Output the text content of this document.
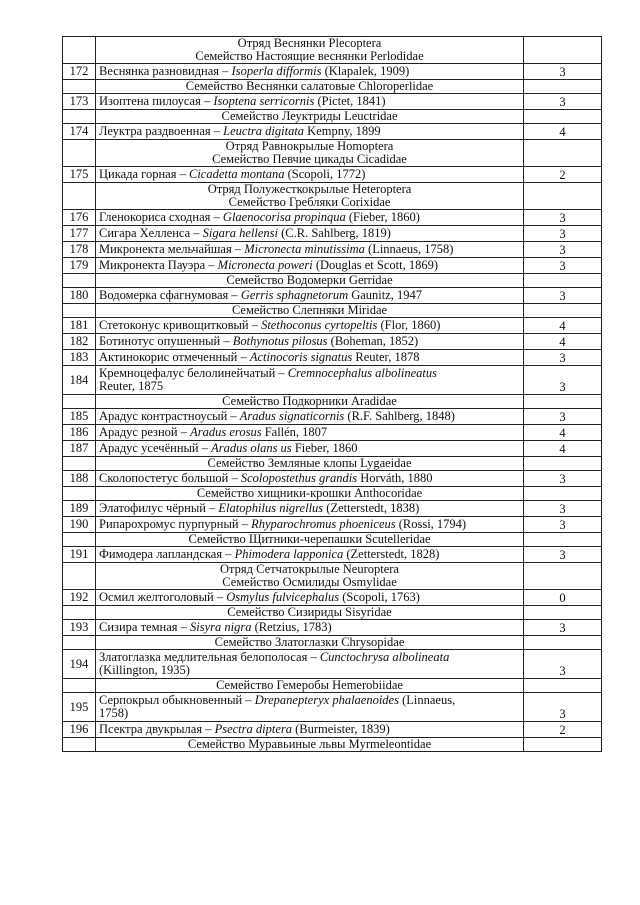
	Отряд Веснянки Plecoptera
Семейство Настоящие веснянки Perlodidae	

172	Веснянка разновидная – Isoperla difformis (Klapalek, 1909)	3

	Семейство Веснянки салатовые Chloroperlidae	

173	Изоптена пилоусая – Isoptena serricornis (Pictet, 1841)	3

	Семейство Леуктриды Leuctridae	

174	Леуктра раздвоенная – Leuctra digitata Kempny, 1899	4

	Отряд Равнокрылые Homoptera
Семейство Певчие цикады Cicadidae	

175	Цикада горная – Cicadetta montana (Scopoli, 1772)	2

	Отряд Полужесткокрылые Heteroptera
Семейство Гребляки Corixidae	

176	Гленокориса сходная – Glaenocorisa propinqua (Fieber, 1860)	3
177	Сигара Хелленса – Sigara hellensi (C.R. Sahlberg, 1819)	3
178	Микронекта мельчайшая – Micronecta minutissima (Linnaeus, 1758)	3
179	Микронекта Пауэра – Micronecta poweri (Douglas et Scott, 1869)	3

	Семейство Водомерки Gerridae	

180	Водомерка сфагнумовая – Gerris sphagnetorum Gaunitz, 1947	3

	Семейство Слепняки Miridae	

181	Стетоконус кривощитковый – Stethoconus cyrtopeltis (Flor, 1860)	4
182	Ботинотус опушенный – Bothynotus pilosus (Boheman, 1852)	4
183	Актинокорис отмеченный – Actinocoris signatus Reuter, 1878	3
184	Кремноцефалус белолинейчатый – Cremnocephalus albolineatus
Reuter, 1875	3

	Семейство Подкорники Aradidae	

185	Арадус контрастноусый – Aradus signaticornis (R.F. Sahlberg, 1848)	3
186	Арадус резной – Aradus erosus Fallén, 1807	4
187	Арадус усечённый – Aradus olans us Fieber, 1860	4

	Семейство Земляные клопы Lygaeidae	

188	Сколопостетус большой – Scolopostethus grandis Horváth, 1880	3

	Семейство хищники-крошки Anthocoridae	

189	Элатофилус чёрный – Elatophilus nigrellus (Zetterstedt, 1838)	3
190	Рипарохромус пурпурный – Rhyparochromus phoeniceus (Rossi, 1794)	3

	Семейство Щитники-черепашки Scutelleridae	

191	Фимодера лапландская – Phimodera lapponica (Zetterstedt, 1828)	3

	Отряд Сетчатокрылые Neuroptera
Семейство Осмилиды Osmylidae	

192	Осмил желтоголовый – Osmylus fulvicephalus (Scopoli, 1763)	0

	Семейство Сизириды Sisyridae	

193	Сизира темная – Sisyra nigra (Retzius, 1783)	3

	Семейство Златоглазки Chrysopidae	

194	Златоглазка медлительная белополосая – Cunctochrysa albolineata
(Killington, 1935)	3

	Семейство Гемеробы Hemerobiidae	

195	Серпокрыл обыкновенный – Drepanepteryx phalaenoides (Linnaeus,
1758)	3
196	Псектра двукрылая – Psectra diptera (Burmeister, 1839)	2

	Семейство Муравьиные львы Myrmeleontidae	
